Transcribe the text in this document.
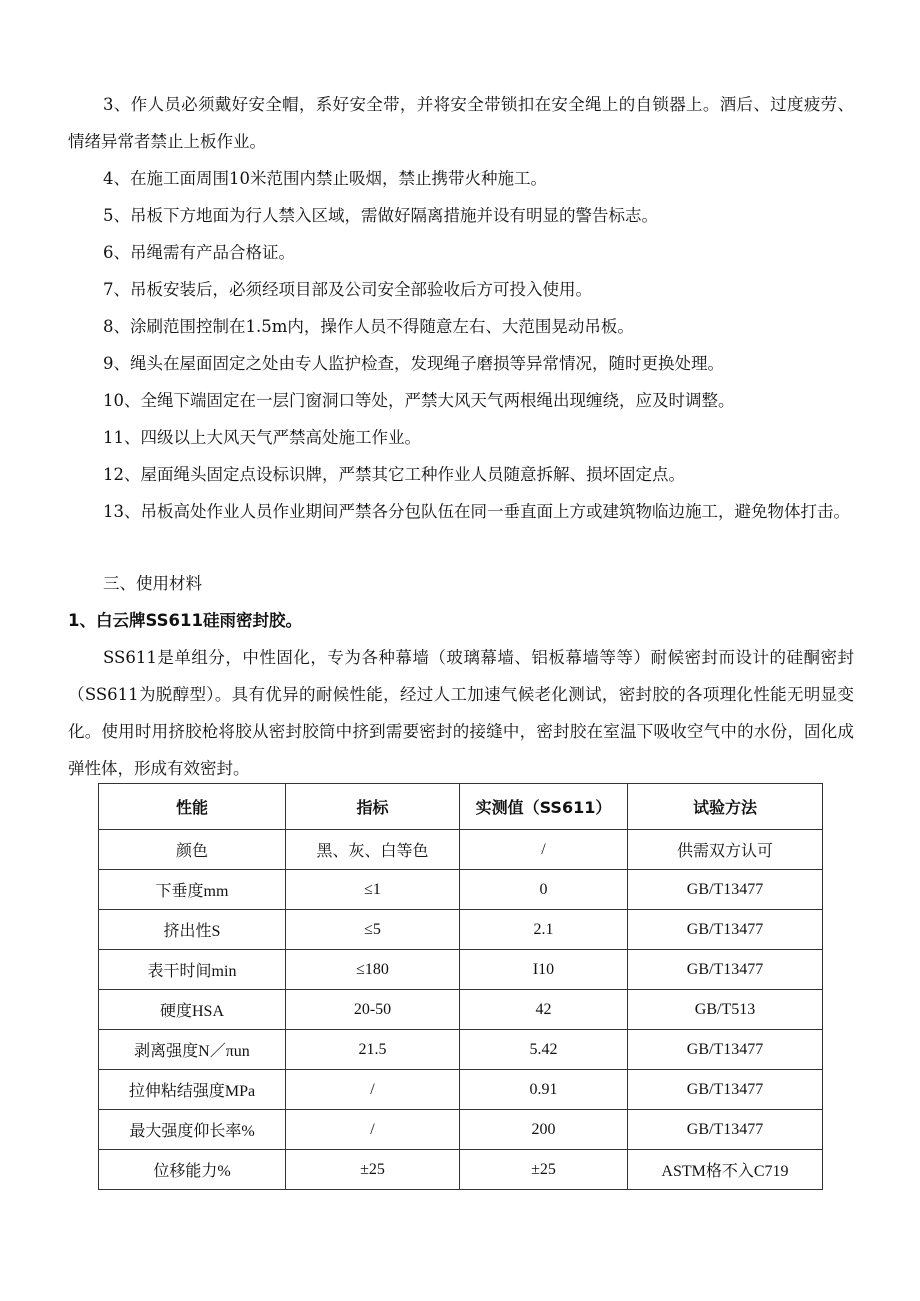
3、作人员必须戴好安全帽，系好安全带，并将安全带锁扣在安全绳上的自锁器上。酒后、过度疲劳、情绪异常者禁止上板作业。

4、在施工面周围10米范围内禁止吸烟，禁止携带火种施工。

5、吊板下方地面为行人禁入区域，需做好隔离措施并设有明显的警告标志。

6、吊绳需有产品合格证。

7、吊板安装后，必须经项目部及公司安全部验收后方可投入使用。

8、涂刷范围控制在1.5m内，操作人员不得随意左右、大范围晃动吊板。

9、绳头在屋面固定之处由专人监护检查，发现绳子磨损等异常情况，随时更换处理。

10、全绳下端固定在一层门窗洞口等处，严禁大风天气两根绳出现缠绕，应及时调整。

11、四级以上大风天气严禁高处施工作业。

12、屋面绳头固定点设标识牌，严禁其它工种作业人员随意拆解、损坏固定点。

13、吊板高处作业人员作业期间严禁各分包队伍在同一垂直面上方或建筑物临边施工，避免物体打击。

三、使用材料

1、白云牌SS611硅雨密封胶。

SS611是单组分，中性固化，专为各种幕墙（玻璃幕墙、铝板幕墙等等）耐候密封而设计的硅酮密封（SS611为脱醇型）。具有优异的耐候性能，经过人工加速气候老化测试，密封胶的各项理化性能无明显变化。使用时用挤胶枪将胶从密封胶筒中挤到需要密封的接缝中，密封胶在室温下吸收空气中的水份，固化成弹性体，形成有效密封。

性能	指标	实测值（SS611）	试验方法
颜色	黑、灰、白等色	/	供需双方认可
下垂度mm	≤1	0	GB/T13477
挤出性S	≤5	2.1	GB/T13477
表干时间min	≤180	I10	GB/T13477
硬度HSA	20-50	42	GB/T513
剥离强度N／πun	21.5	5.42	GB/T13477
拉伸粘结强度MPa	/	0.91	GB/T13477
最大强度仰长率%	/	200	GB/T13477
位移能力%	±25	±25	ASTM格不入C719
